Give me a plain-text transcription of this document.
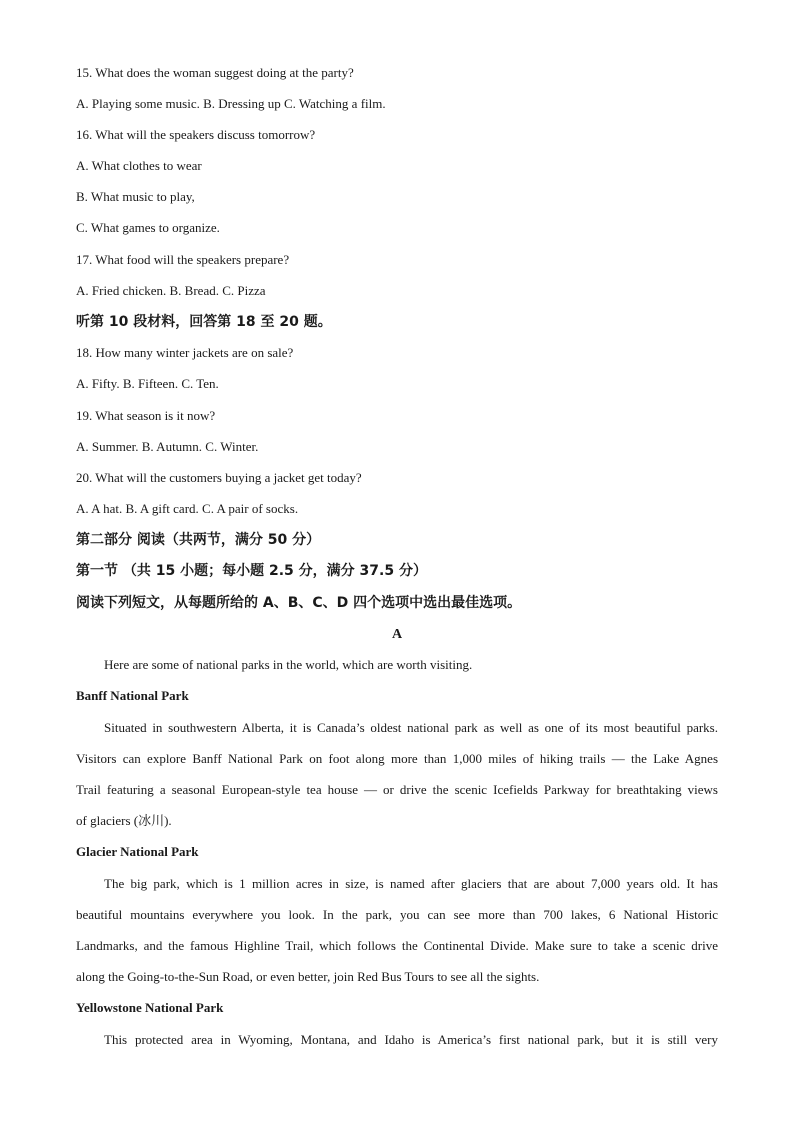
15. What does the woman suggest doing at the party?
A. Playing some music. B. Dressing up C. Watching a film.
16. What will the speakers discuss tomorrow?
A. What clothes to wear
B. What music to play,
C. What games to organize.
17. What food will the speakers prepare?
A. Fried chicken. B. Bread. C. Pizza
听第 10 段材料，回答第 18 至 20 题。
18. How many winter jackets are on sale?
A. Fifty. B. Fifteen. C. Ten.
19. What season is it now?
A. Summer. B. Autumn. C. Winter.
20. What will the customers buying a jacket get today?
A. A hat. B. A gift card. C. A pair of socks.
第二部分 阅读（共两节，满分 50 分）
第一节 （共 15 小题；每小题 2.5 分，满分 37.5 分）
阅读下列短文，从每题所给的 A、B、C、D 四个选项中选出最佳选项。
A
Here are some of national parks in the world, which are worth visiting.
Banff National Park
Situated in southwestern Alberta, it is Canada’s oldest national park as well as one of its most beautiful parks.
Visitors can explore Banff National Park on foot along more than 1,000 miles of hiking trails — the Lake Agnes
Trail featuring a seasonal European-style tea house — or drive the scenic Icefields Parkway for breathtaking views
of glaciers (冰川).
Glacier National Park
The big park, which is 1 million acres in size, is named after glaciers that are about 7,000 years old. It has
beautiful mountains everywhere you look. In the park, you can see more than 700 lakes, 6 National Historic
Landmarks, and the famous Highline Trail, which follows the Continental Divide. Make sure to take a scenic drive
along the Going-to-the-Sun Road, or even better, join Red Bus Tours to see all the sights.
Yellowstone National Park
This protected area in Wyoming, Montana, and Idaho is America’s first national park, but it is still very
